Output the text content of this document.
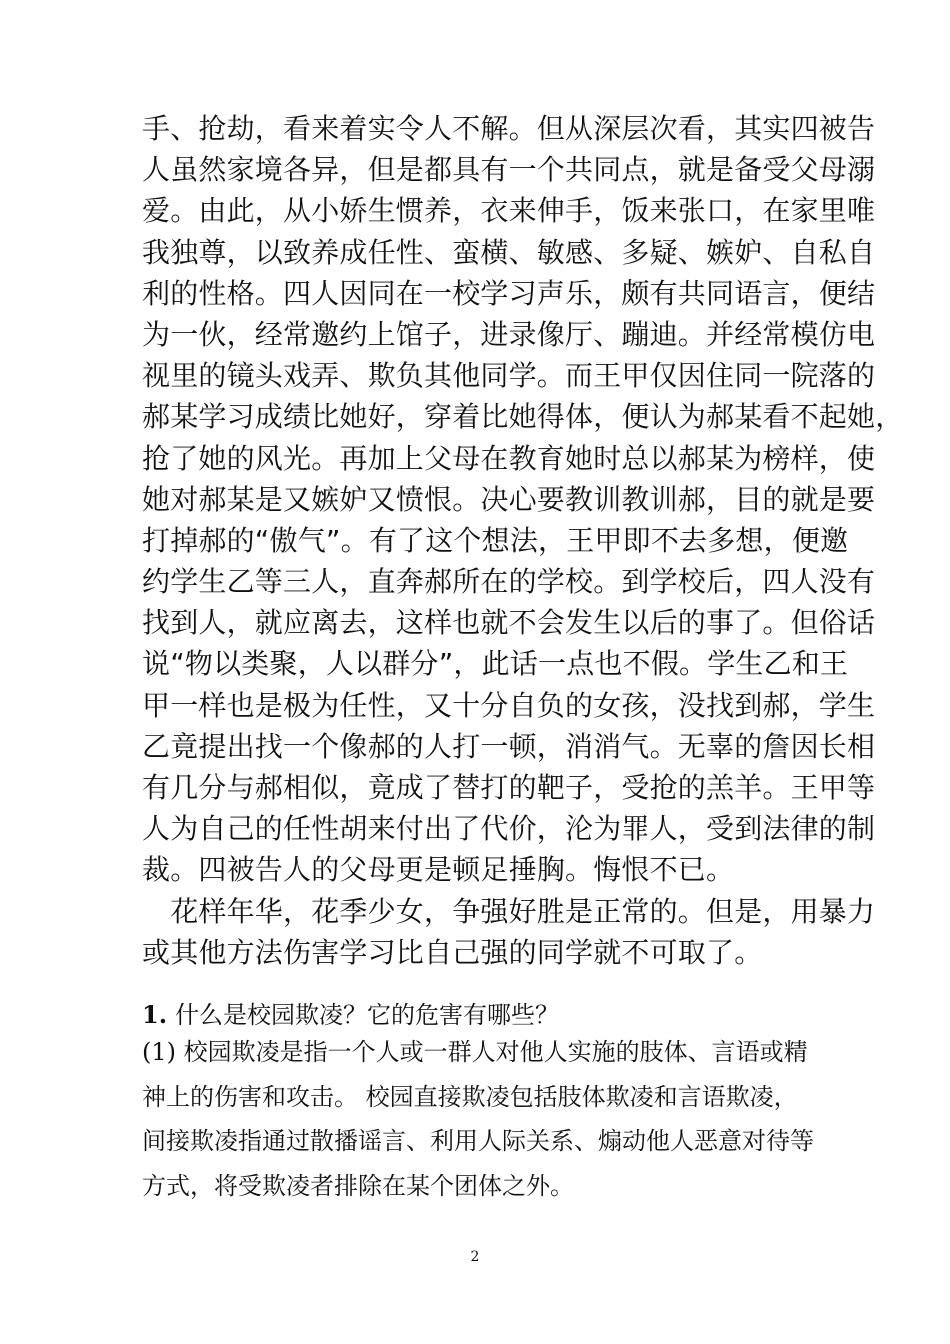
手、抢劫，看来着实令人不解。但从深层次看，其实四被告
人虽然家境各异，但是都具有一个共同点，就是备受父母溺
爱。由此，从小娇生惯养，衣来伸手，饭来张口，在家里唯
我独尊，以致养成任性、蛮横、敏感、多疑、嫉妒、自私自
利的性格。四人因同在一校学习声乐，颇有共同语言，便结
为一伙，经常邀约上馆子，进录像厅、蹦迪。并经常模仿电
视里的镜头戏弄、欺负其他同学。而王甲仅因住同一院落的
郝某学习成绩比她好，穿着比她得体，便认为郝某看不起她，
抢了她的风光。再加上父母在教育她时总以郝某为榜样，使
她对郝某是又嫉妒又愤恨。决心要教训教训郝，目的就是要
打掉郝的“傲气”。有了这个想法，王甲即不去多想，便邀
约学生乙等三人，直奔郝所在的学校。到学校后，四人没有
找到人，就应离去，这样也就不会发生以后的事了。但俗话
说“物以类聚，人以群分”，此话一点也不假。学生乙和王
甲一样也是极为任性，又十分自负的女孩，没找到郝，学生
乙竟提出找一个像郝的人打一顿，消消气。无辜的詹因长相
有几分与郝相似，竟成了替打的靶子，受抢的羔羊。王甲等
人为自己的任性胡来付出了代价，沦为罪人，受到法律的制
裁。四被告人的父母更是顿足捶胸。悔恨不已。
　花样年华，花季少女，争强好胜是正常的。但是，用暴力
或其他方法伤害学习比自己强的同学就不可取了。
1. 什么是校园欺凌？它的危害有哪些？
(1) 校园欺凌是指一个人或一群人对他人实施的肢体、言语或精
神上的伤害和攻击。 校园直接欺凌包括肢体欺凌和言语欺凌，
间接欺凌指通过散播谣言、利用人际关系、煽动他人恶意对待等
方式，将受欺凌者排除在某个团体之外。
2
